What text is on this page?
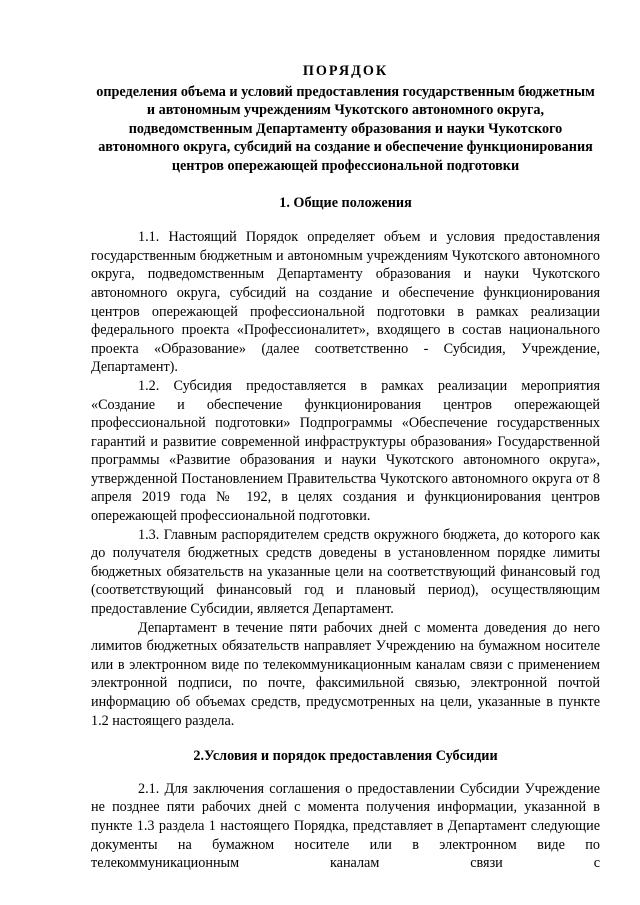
ПОРЯДОК
определения объема и условий предоставления государственным бюджетным и автономным учреждениям Чукотского автономного округа, подведомственным Департаменту образования и науки Чукотского автономного округа, субсидий на создание и обеспечение функционирования центров опережающей профессиональной подготовки
1. Общие положения

1.1. Настоящий Порядок определяет объем и условия предоставления государственным бюджетным и автономным учреждениям Чукотского автономного округа, подведомственным Департаменту образования и науки Чукотского автономного округа, субсидий на создание и обеспечение функционирования центров опережающей профессиональной подготовки в рамках реализации федерального проекта «Профессионалитет», входящего в состав национального проекта «Образование» (далее соответственно - Субсидия, Учреждение, Департамент).

1.2. Субсидия предоставляется в рамках реализации мероприятия «Создание и обеспечение функционирования центров опережающей профессиональной подготовки» Подпрограммы «Обеспечение государственных гарантий и развитие современной инфраструктуры образования» Государственной программы «Развитие образования и науки Чукотского автономного округа», утвержденной Постановлением Правительства Чукотского автономного округа от 8 апреля 2019 года № 192, в целях создания и функционирования центров опережающей профессиональной подготовки.

1.3. Главным распорядителем средств окружного бюджета, до которого как до получателя бюджетных средств доведены в установленном порядке лимиты бюджетных обязательств на указанные цели на соответствующий финансовый год (соответствующий финансовый год и плановый период), осуществляющим предоставление Субсидии, является Департамент.

Департамент в течение пяти рабочих дней с момента доведения до него лимитов бюджетных обязательств направляет Учреждению на бумажном носителе или в электронном виде по телекоммуникационным каналам связи с применением электронной подписи, по почте, факсимильной связью, электронной почтой информацию об объемах средств, предусмотренных на цели, указанные в пункте 1.2 настоящего раздела.

2.Условия и порядок предоставления Субсидии

2.1. Для заключения соглашения о предоставлении Субсидии Учреждение не позднее пяти рабочих дней с момента получения информации, указанной в пункте 1.3 раздела 1 настоящего Порядка, представляет в Департамент следующие документы на бумажном носителе или в электронном виде по телекоммуникационным каналам связи с
